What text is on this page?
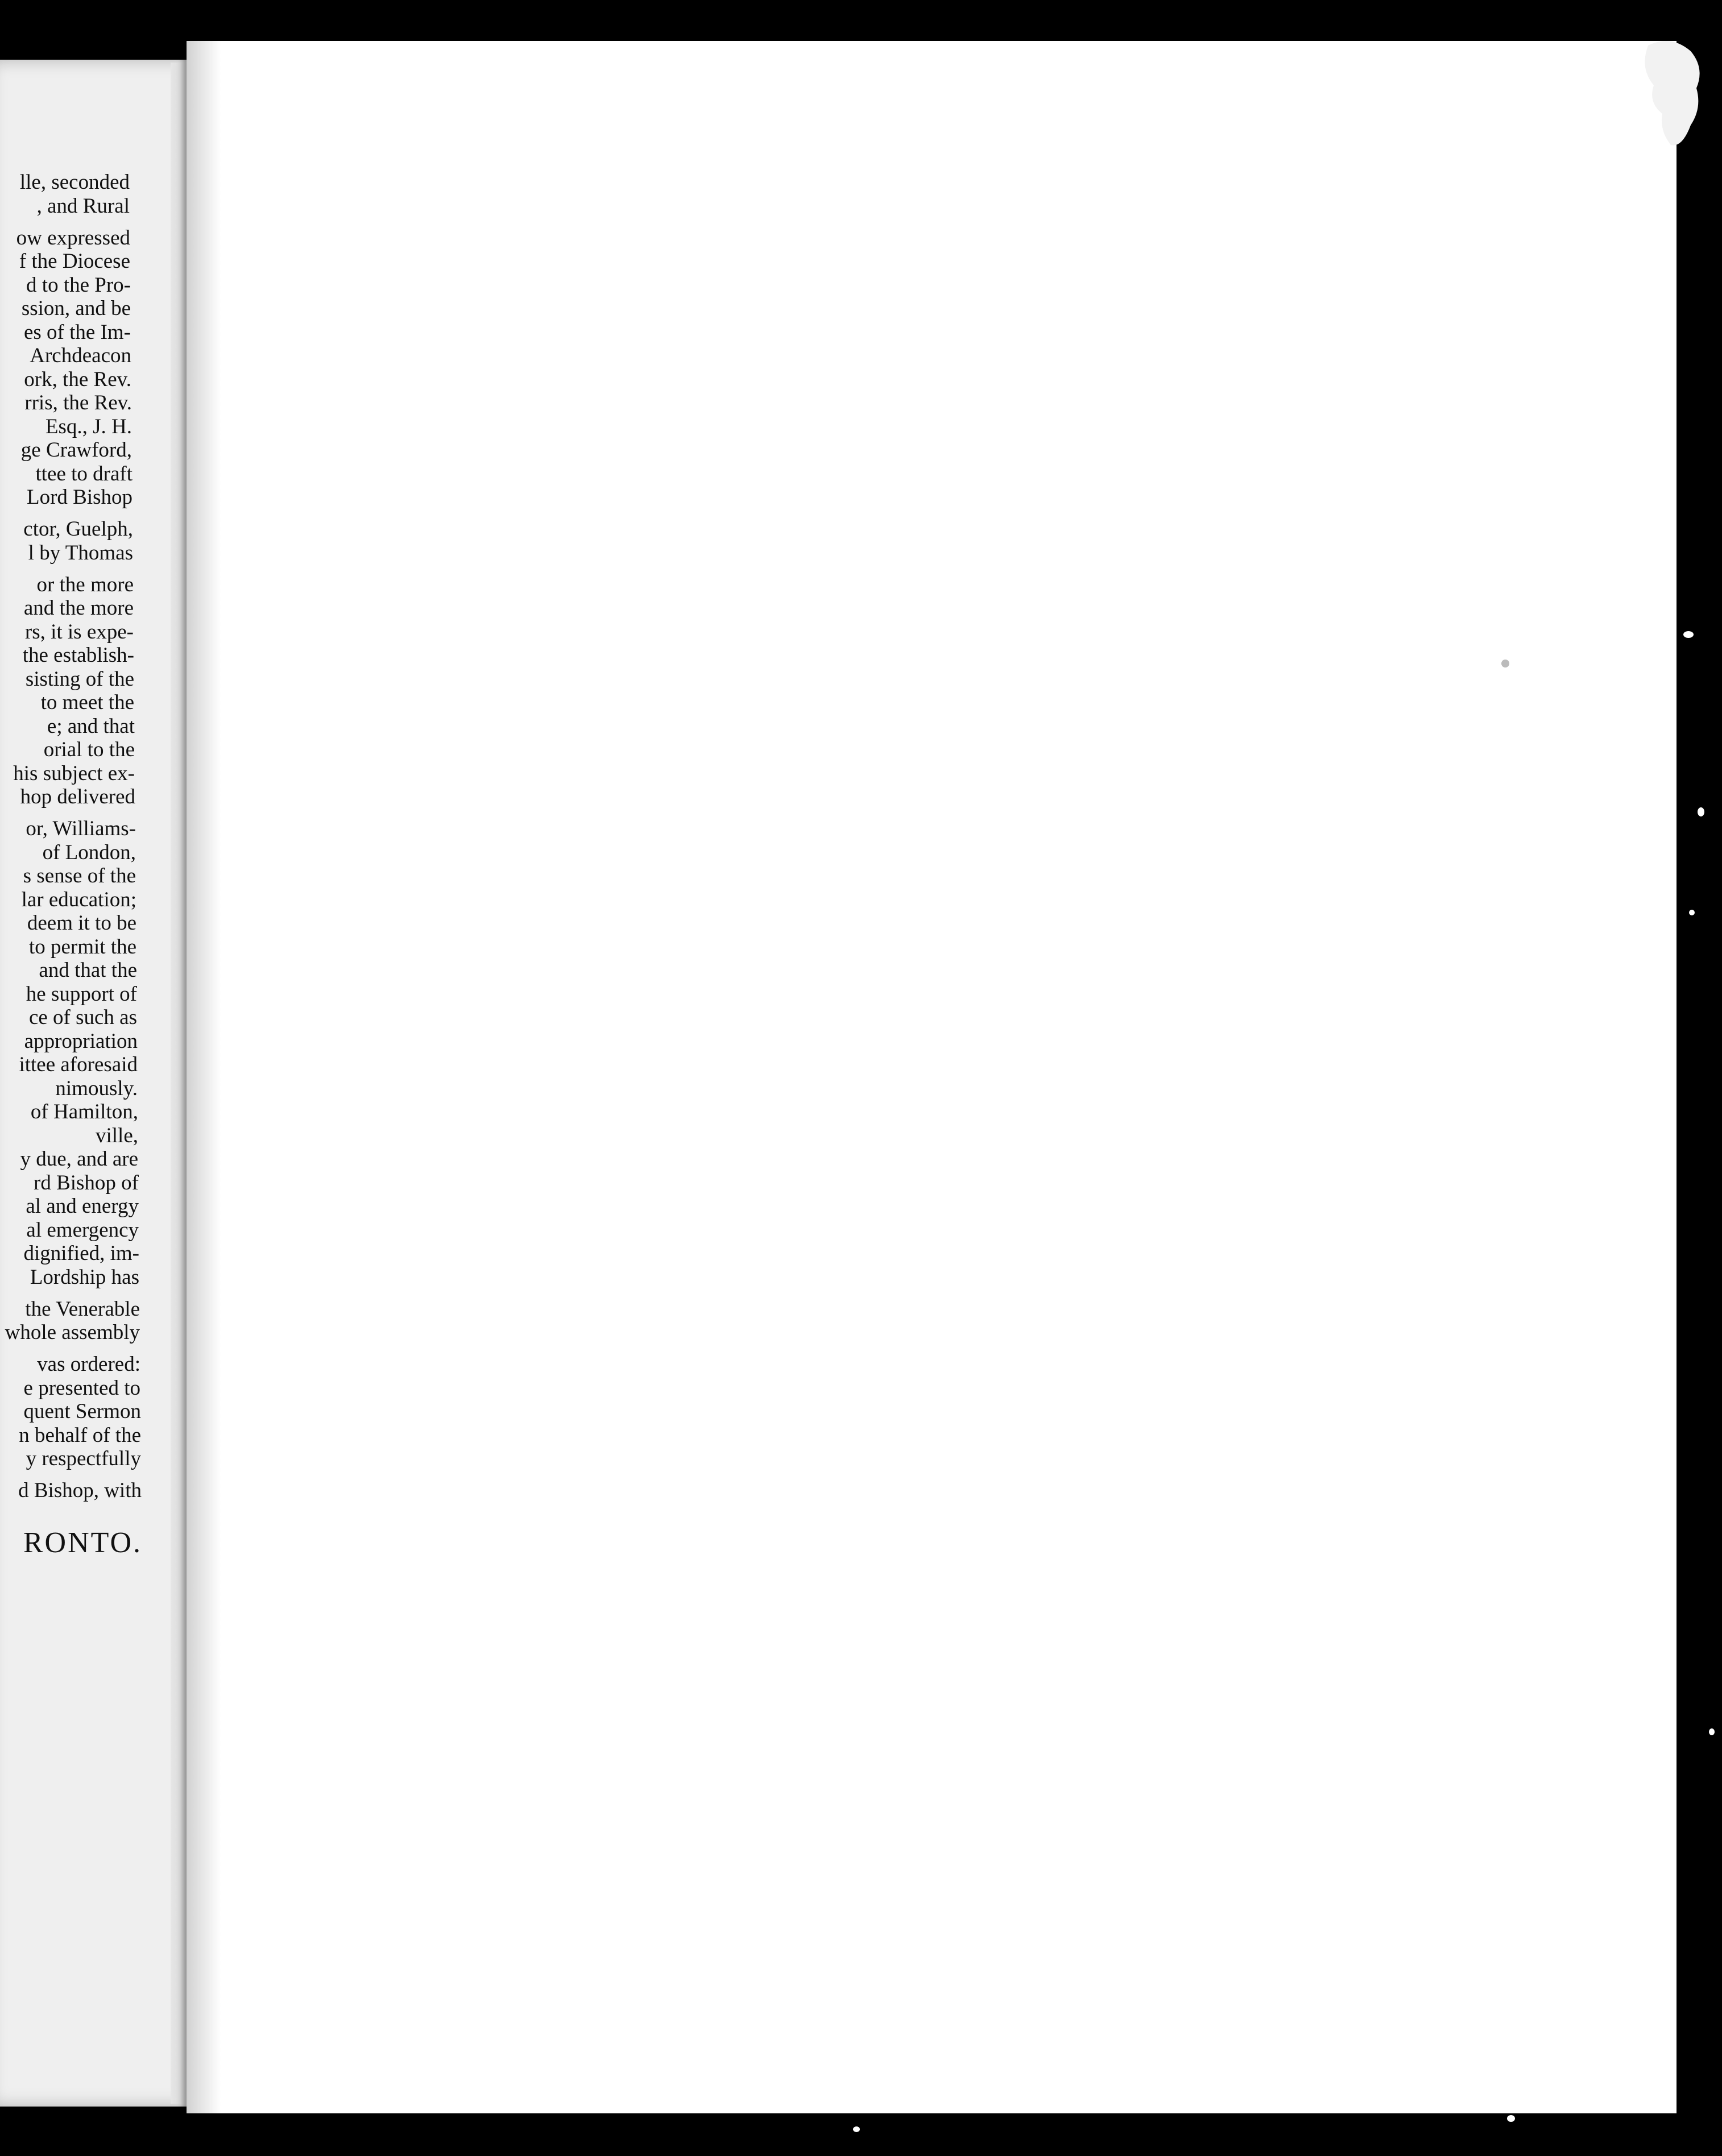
lle, seconded
, and Rural
ow expressed
f the Diocese
d to the Pro-
ssion, and be
es of the Im-
Archdeacon
ork, the Rev.
rris, the Rev.
Esq., J. H.
ge Crawford,
ttee to draft
Lord Bishop
ctor, Guelph,
l by Thomas
or the more
and the more
rs, it is expe-
the establish-
sisting of the
to meet the
e; and that
orial to the
his subject ex-
hop delivered
or, Williams-
of London,
s sense of the
lar education;
deem it to be
to permit the
and that the
he support of
ce of such as
appropriation
ittee aforesaid
nimously.
of Hamilton,
ville,
y due, and are
rd Bishop of
al and energy
al emergency
dignified, im-
Lordship has
the Venerable
whole assembly
vas ordered:
e presented to
quent Sermon
n behalf of the
y respectfully
d Bishop, with
RONTO.
